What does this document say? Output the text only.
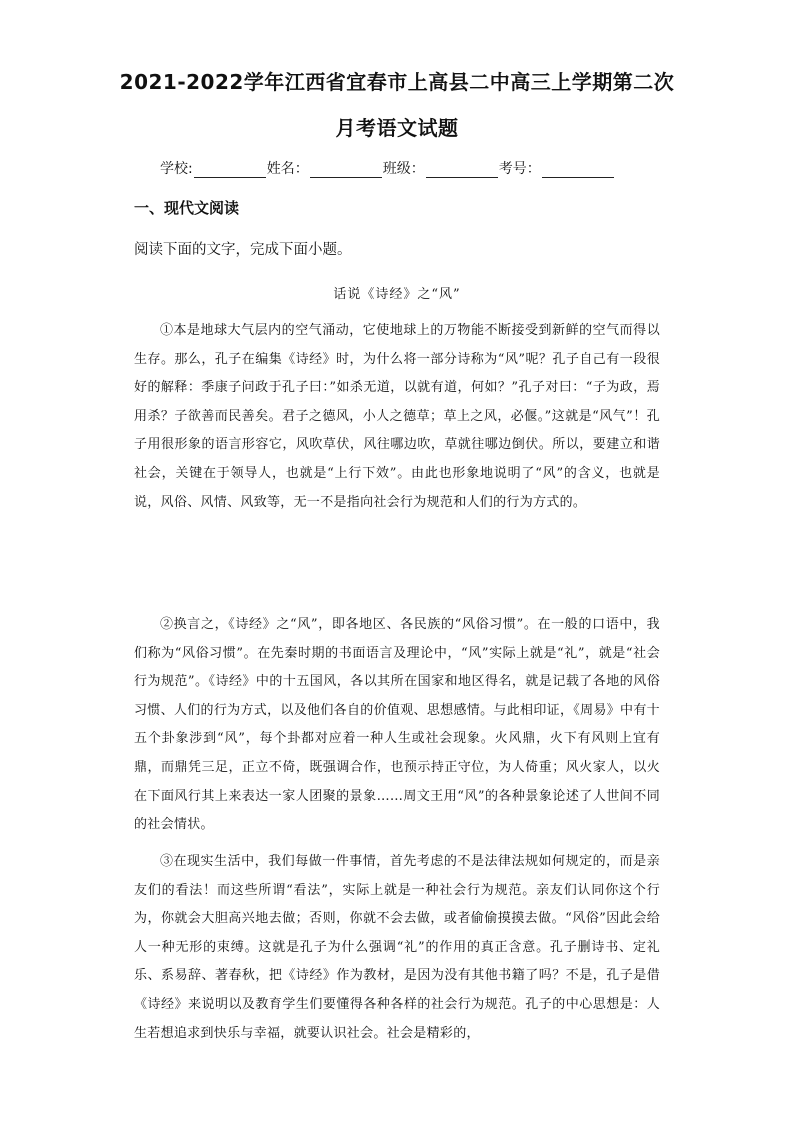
2021-2022学年江西省宜春市上高县二中高三上学期第二次
月考语文试题
学校:	姓名：	班级：	考号：
一、现代文阅读
阅读下面的文字，完成下面小题。
话说《诗经》之“风”

①本是地球大气层内的空气涌动，它使地球上的万物能不断接受到新鲜的空气而得以生存。那么，孔子在编集《诗经》时，为什么将一部分诗称为“风”呢？孔子自己有一段很好的解释：季康子问政于孔子曰：”如杀无道，以就有道，何如？”孔子对曰：“子为政，焉用杀？子欲善而民善矣。君子之德风，小人之德草；草上之风，必偃。”这就是“风气”！孔子用很形象的语言形容它，风吹草伏，风往哪边吹，草就往哪边倒伏。所以，要建立和谐社会，关键在于领导人，也就是“上行下效”。由此也形象地说明了“风”的含义，也就是说，风俗、风情、风致等，无一不是指向社会行为规范和人们的行为方式的。

②换言之，《诗经》之“风”，即各地区、各民族的“风俗习惯”。在一般的口语中，我们称为“风俗习惯”。在先秦时期的书面语言及理论中，“风”实际上就是“礼”，就是“社会行为规范”。《诗经》中的十五国风，各以其所在国家和地区得名，就是记载了各地的风俗习惯、人们的行为方式，以及他们各自的价值观、思想感情。与此相印证，《周易》中有十五个卦象涉到“风”，每个卦都对应着一种人生或社会现象。火风鼎，火下有风则上宜有鼎，而鼎凭三足，正立不倚，既强调合作，也预示持正守位，为人倚重；风火家人，以火在下面风行其上来表达一家人团聚的景象……周文王用“风”的各种景象论述了人世间不同的社会情状。

③在现实生活中，我们每做一件事情，首先考虑的不是法律法规如何规定的，而是亲友们的看法！而这些所谓“看法”，实际上就是一种社会行为规范。亲友们认同你这个行为，你就会大胆高兴地去做；否则，你就不会去做，或者偷偷摸摸去做。“风俗”因此会给人一种无形的束缚。这就是孔子为什么强调“礼”的作用的真正含意。孔子删诗书、定礼乐、系易辞、著春秋，把《诗经》作为教材，是因为没有其他书籍了吗？不是，孔子是借《诗经》来说明以及教育学生们要懂得各种各样的社会行为规范。孔子的中心思想是：人生若想追求到快乐与幸福，就要认识社会。社会是精彩的，
